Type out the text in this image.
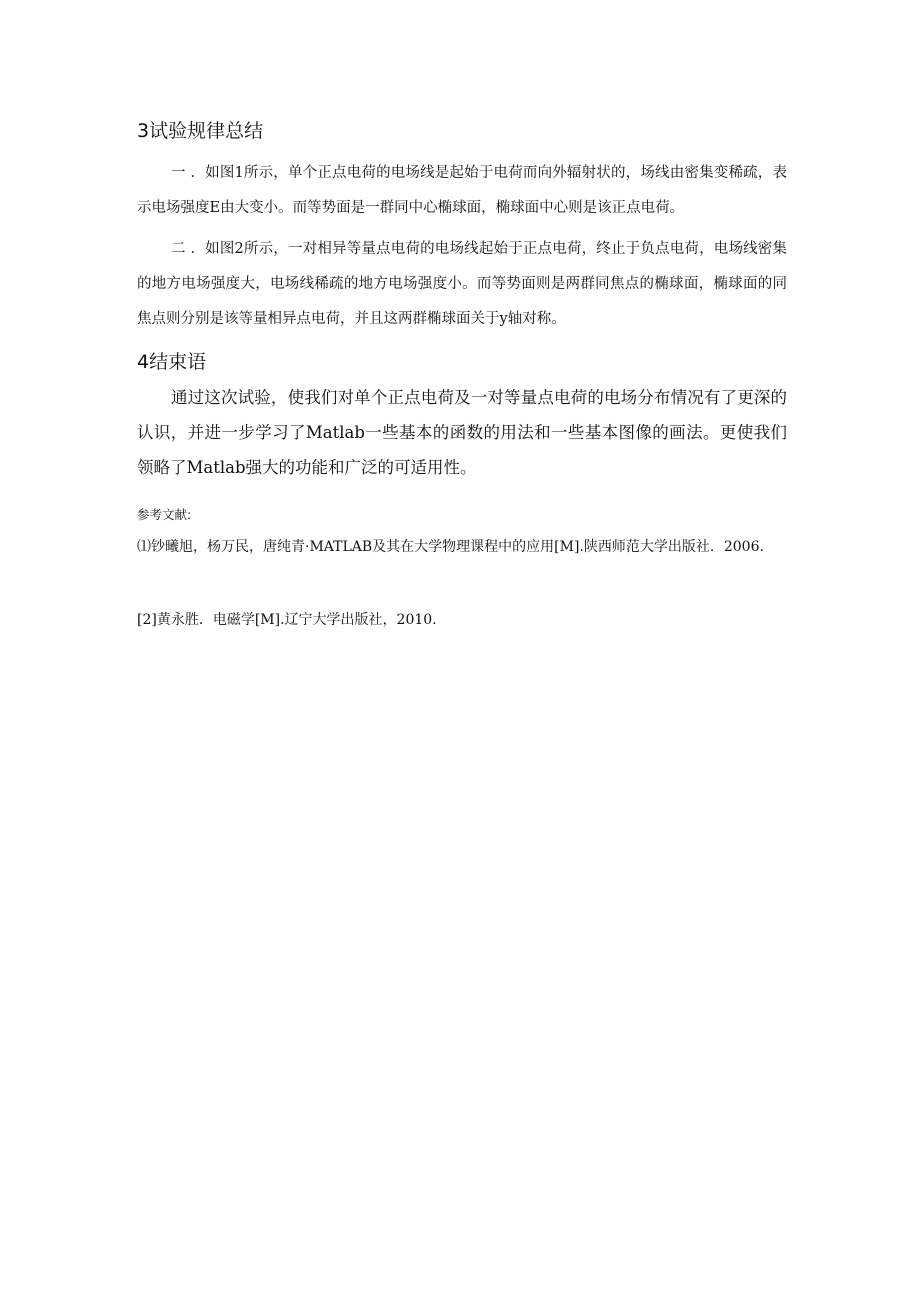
3试验规律总结
一 ．如图1所示，单个正点电荷的电场线是起始于电荷而向外辐射状的，场线由密集变稀疏，表示电场强度E由大变小。而等势面是一群同中心椭球面，椭球面中心则是该正点电荷。
二 ．如图2所示，一对相异等量点电荷的电场线起始于正点电荷，终止于负点电荷，电场线密集的地方电场强度大，电场线稀疏的地方电场强度小。而等势面则是两群同焦点的椭球面，椭球面的同焦点则分别是该等量相异点电荷，并且这两群椭球面关于y轴对称。
4结束语
通过这次试验，使我们对单个正点电荷及一对等量点电荷的电场分布情况有了更深的认识，并进一步学习了Matlab一些基本的函数的用法和一些基本图像的画法。更使我们领略了Matlab强大的功能和广泛的可适用性。
参考文献:
⑴钞曦旭，杨万民，唐纯青·MATLAB及其在大学物理课程中的应用[M].陕西师范大学出版社．2006.
[2]黄永胜．电磁学[M].辽宁大学出版社，2010.
